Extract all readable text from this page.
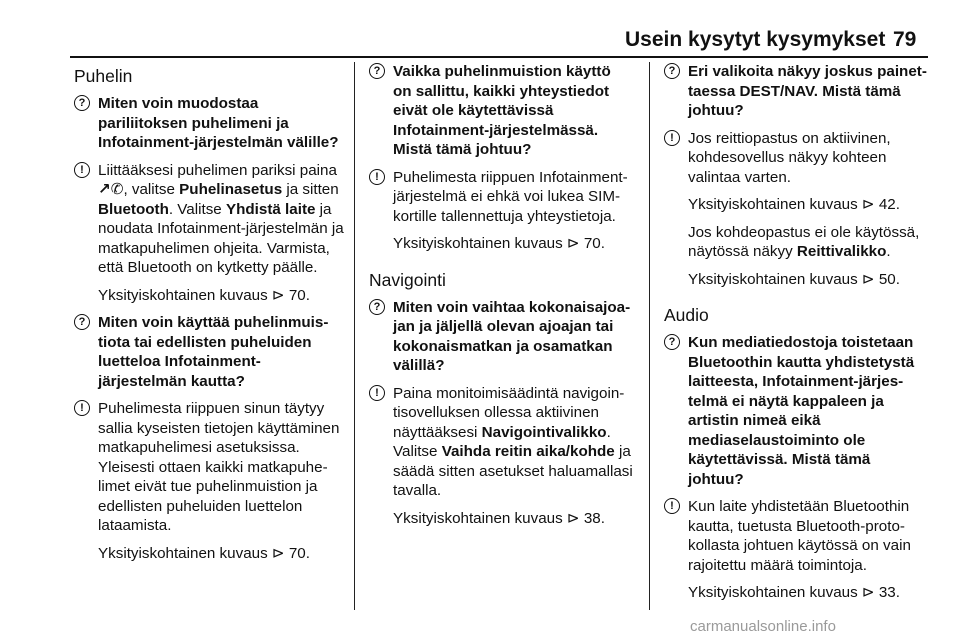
Usein kysytyt kysymykset 79
Puhelin
? Miten voin muodostaa pariliitoksen puhelimeni ja Infotainment-järjestelmän välille?
! Liittääksesi puhelimen pariksi paina ↗︎✆, valitse Puhelinasetus ja sitten Bluetooth. Valitse Yhdistä laite ja noudata Infotainment-järjestelmän ja matkapuhelimen ohjeita. Varmista, että Bluetooth on kytketty päälle.
Yksityiskohtainen kuvaus ⊳ 70.
? Miten voin käyttää puhelinmuistiota tai edellisten puheluiden luetteloa Infotainment-järjestelmän kautta?
! Puhelimesta riippuen sinun täytyy sallia kyseisten tietojen käyttäminen matkapuhelimesi asetuksissa. Yleisesti ottaen kaikki matkapuhelimet eivät tue puhelinmuistion ja edellisten puheluiden luettelon lataamista.
Yksityiskohtainen kuvaus ⊳ 70.
? Vaikka puhelinmuistion käyttö on sallittu, kaikki yhteystiedot eivät ole käytettävissä Infotainment-järjestelmässä. Mistä tämä johtuu?
! Puhelimesta riippuen Infotainment-järjestelmä ei ehkä voi lukea SIM-kortille tallennettuja yhteystietoja.
Yksityiskohtainen kuvaus ⊳ 70.
Navigointi
? Miten voin vaihtaa kokonaisajoajan ja jäljellä olevan ajoajan tai kokonaismatkan ja osamatkan välillä?
! Paina monitoimisäädintä navigointisovelluksen ollessa aktiivinen näyttääksesi Navigointivalikko. Valitse Vaihda reitin aika/kohde ja säädä sitten asetukset haluamallasi tavalla.
Yksityiskohtainen kuvaus ⊳ 38.
? Eri valikoita näkyy joskus painettaessa DEST/NAV. Mistä tämä johtuu?
! Jos reittiopastus on aktiivinen, kohdesovellus näkyy kohteen valintaa varten.
Yksityiskohtainen kuvaus ⊳ 42.
Jos kohdeopastus ei ole käytössä, näytössä näkyy Reittivalikko.
Yksityiskohtainen kuvaus ⊳ 50.
Audio
? Kun mediatiedostoja toistetaan Bluetoothin kautta yhdistetystä laitteesta, Infotainment-järjestelmä ei näytä kappaleen ja artistin nimeä eikä mediaselaustoiminto ole käytettävissä. Mistä tämä johtuu?
! Kun laite yhdistetään Bluetoothin kautta, tuetusta Bluetooth-protokollasta johtuen käytössä on vain rajoitettu määrä toimintoja.
Yksityiskohtainen kuvaus ⊳ 33.
carmanualsonline.info
